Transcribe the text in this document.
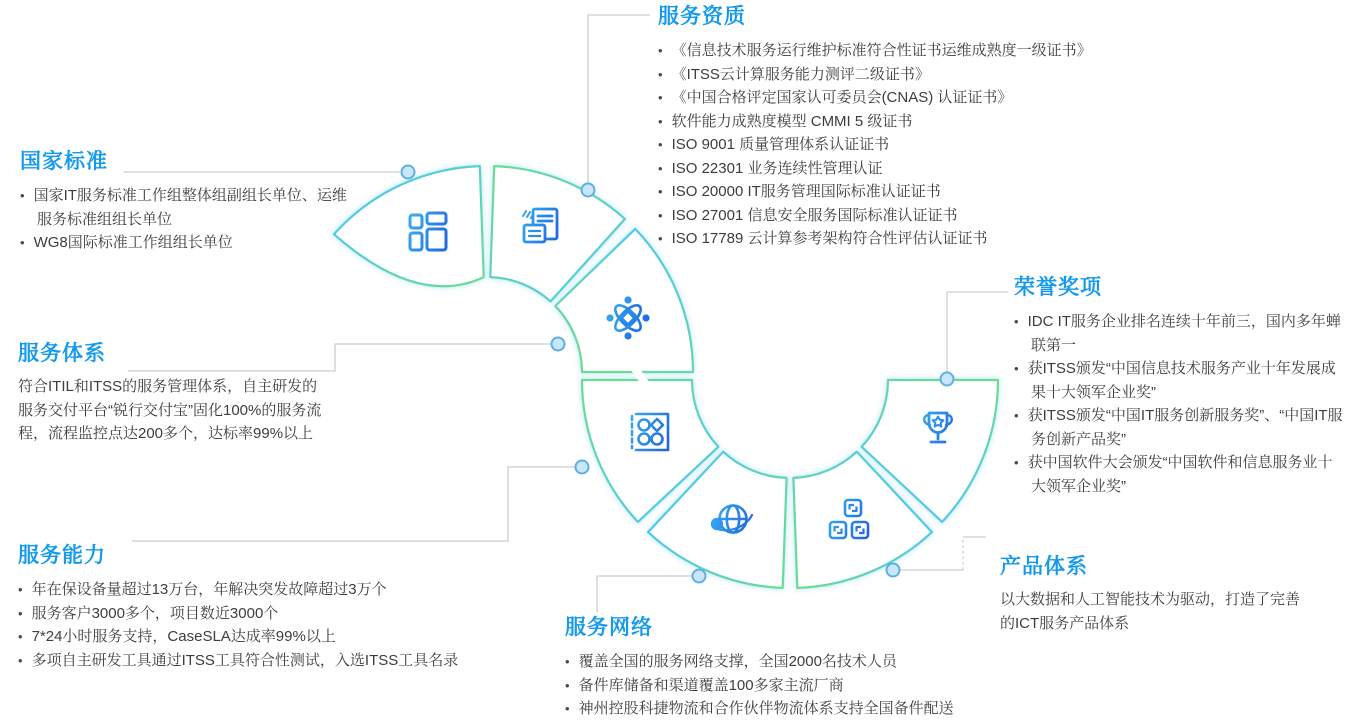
国家标准
• 国家IT服务标准工作组整体组副组长单位、运维服务标准组组长单位
• WG8国际标准工作组组长单位
服务资质
• 《信息技术服务运行维护标准符合性证书运维成熟度一级证书》
• 《ITSS云计算服务能力测评二级证书》
• 《中国合格评定国家认可委员会(CNAS) 认证证书》
• 软件能力成熟度模型 CMMI 5 级证书
• ISO 9001 质量管理体系认证证书
• ISO 22301 业务连续性管理认证
• ISO 20000 IT服务管理国际标准认证证书
• ISO 27001 信息安全服务国际标准认证证书
• ISO 17789 云计算参考架构符合性评估认证证书
服务体系
符合ITIL和ITSS的服务管理体系，自主研发的服务交付平台“锐行交付宝”固化100%的服务流程，流程监控点达200多个，达标率99%以上
服务能力
• 年在保设备量超过13万台，年解决突发故障超过3万个
• 服务客户3000多个，项目数近3000个
• 7*24小时服务支持，CaseSLA达成率99%以上
• 多项自主研发工具通过ITSS工具符合性测试，入选ITSS工具名录
荣誉奖项
• IDC IT服务企业排名连续十年前三，国内多年蝉联第一
• 获ITSS颁发“中国信息技术服务产业十年发展成果十大领军企业奖”
• 获ITSS颁发“中国IT服务创新服务奖”、“中国IT服务创新产品奖”
• 获中国软件大会颁发“中国软件和信息服务业十大领军企业奖”
服务网络
• 覆盖全国的服务网络支撑，全国2000名技术人员
• 备件库储备和渠道覆盖100多家主流厂商
• 神州控股科捷物流和合作伙伴物流体系支持全国备件配送
产品体系
以大数据和人工智能技术为驱动，打造了完善的ICT服务产品体系
